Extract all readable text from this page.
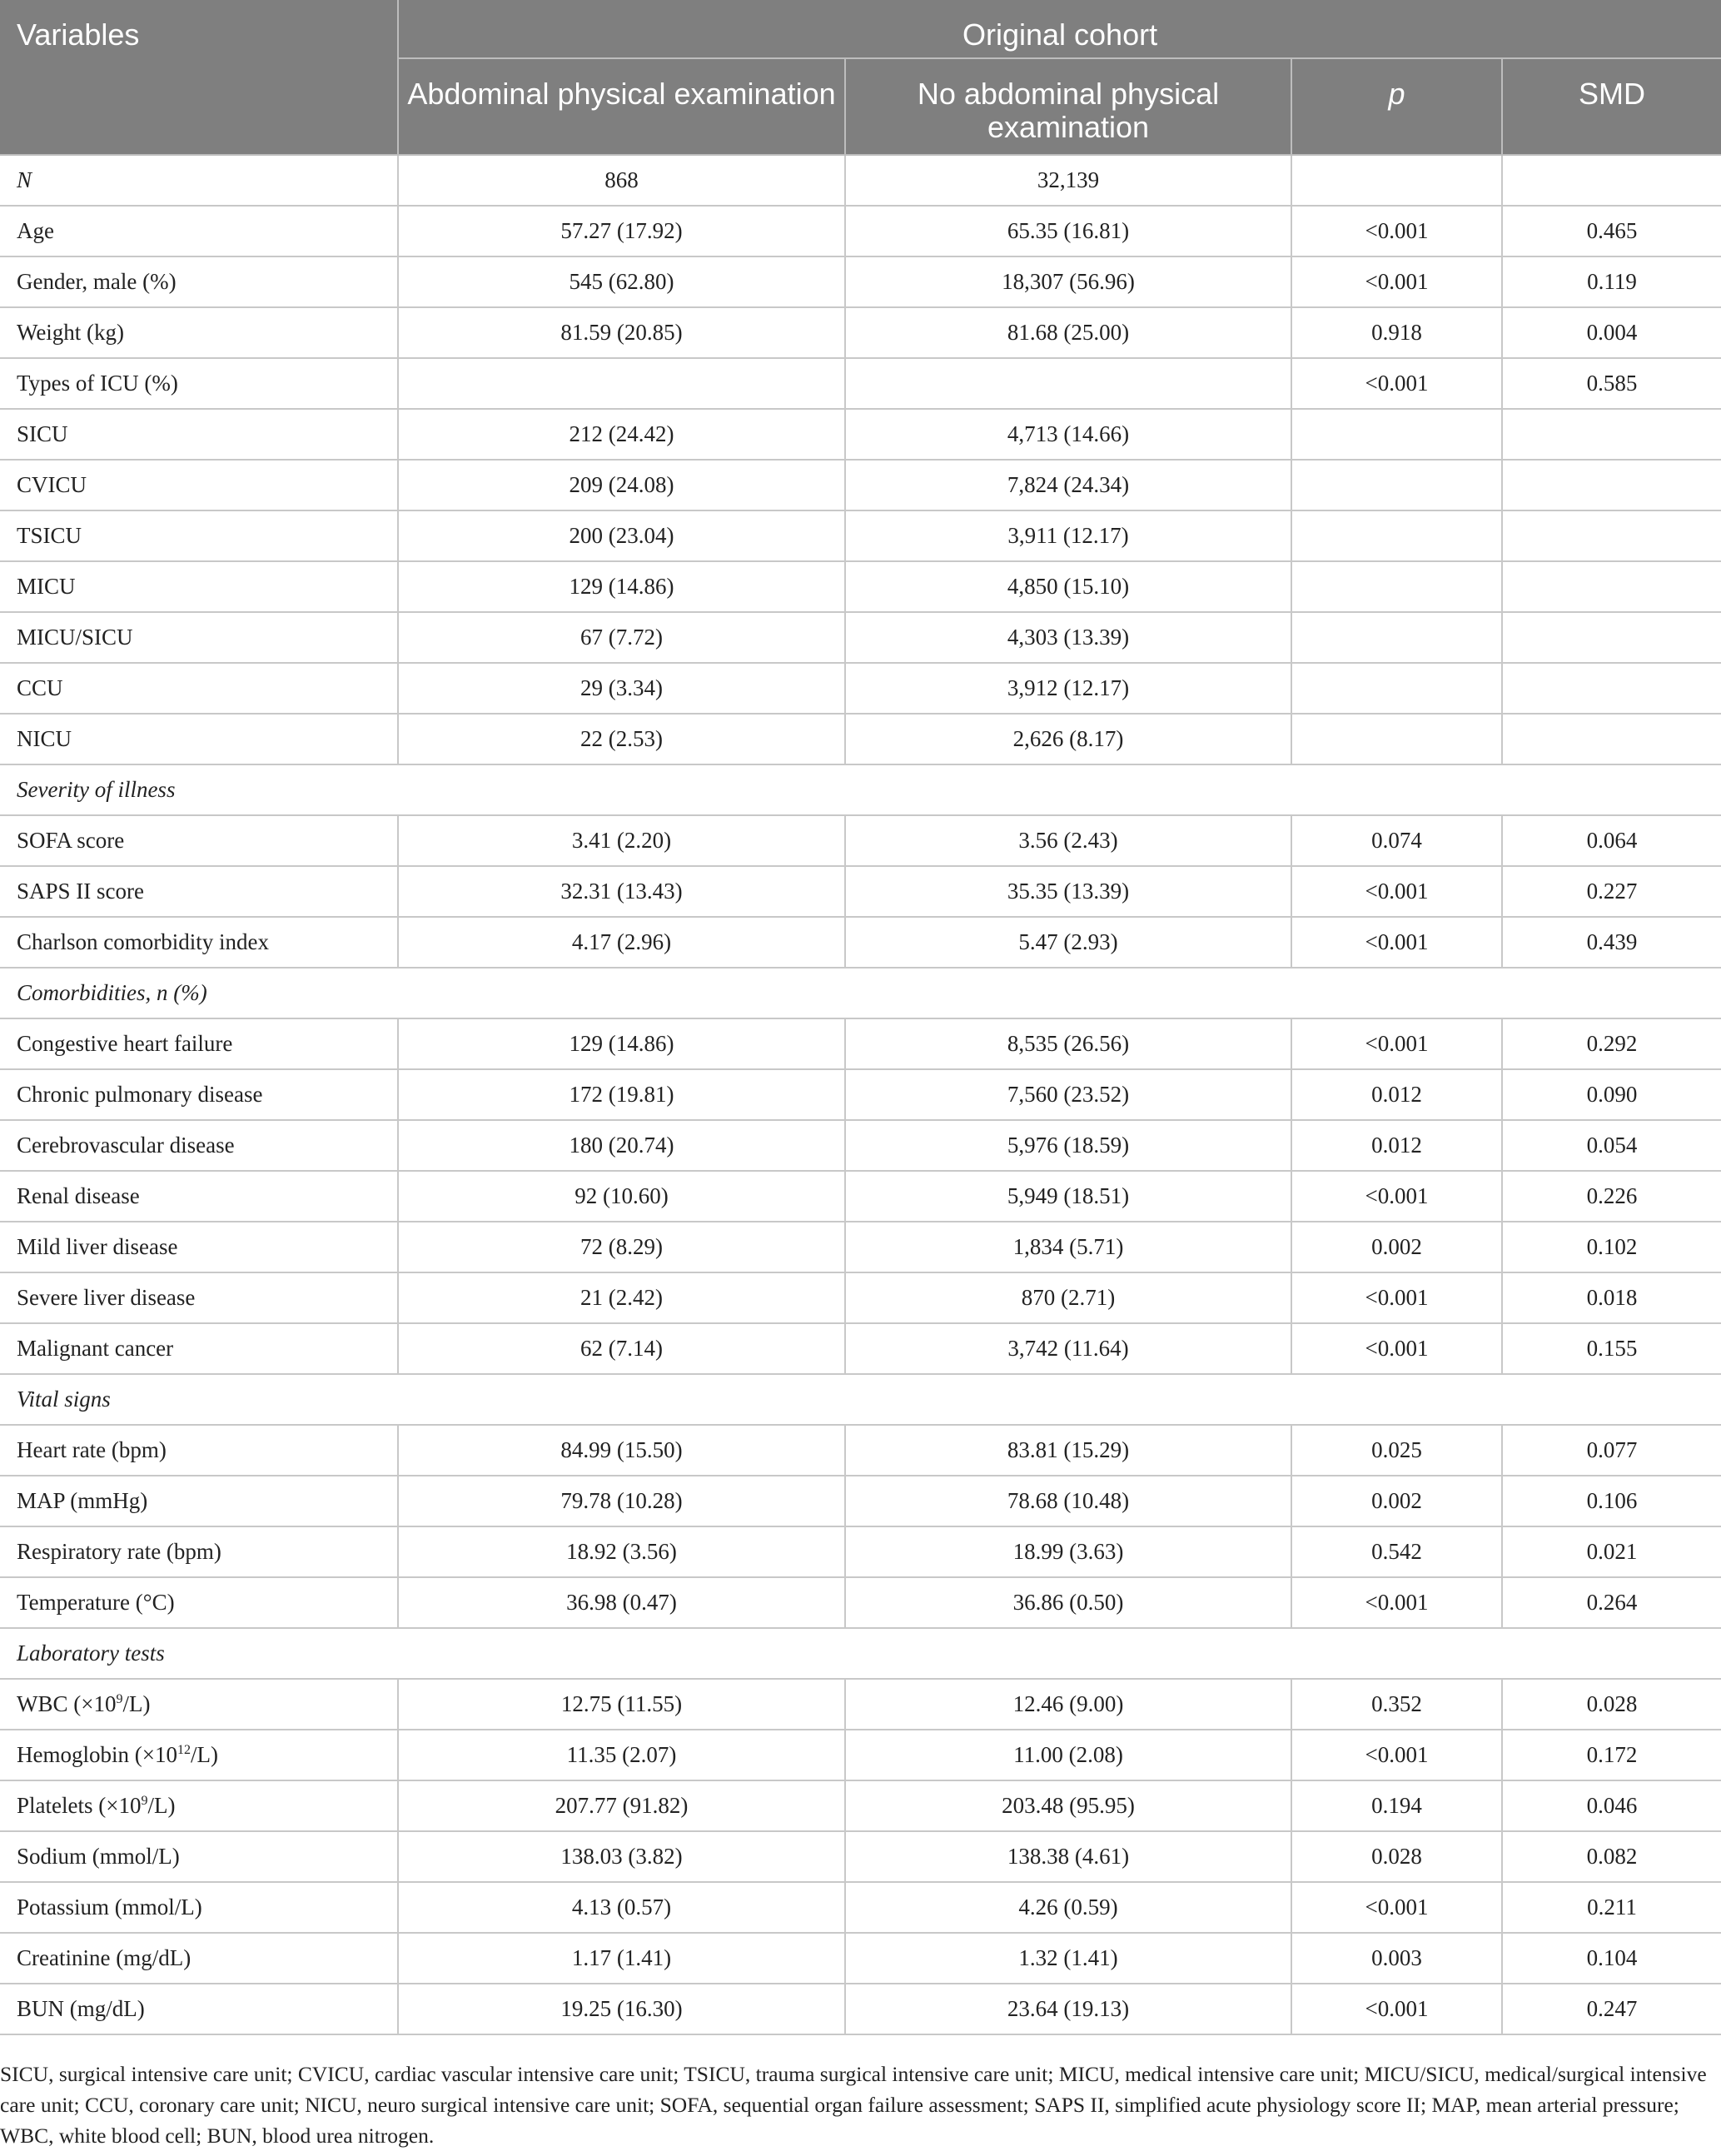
Variables	Original cohort			
	Abdominal physical examination	No abdominal physical examination	p	SMD
N	868	32,139		
Age	57.27 (17.92)	65.35 (16.81)	<0.001	0.465
Gender, male (%)	545 (62.80)	18,307 (56.96)	<0.001	0.119
Weight (kg)	81.59 (20.85)	81.68 (25.00)	0.918	0.004
Types of ICU (%)			<0.001	0.585
SICU	212 (24.42)	4,713 (14.66)		
CVICU	209 (24.08)	7,824 (24.34)		
TSICU	200 (23.04)	3,911 (12.17)		
MICU	129 (14.86)	4,850 (15.10)		
MICU/SICU	67 (7.72)	4,303 (13.39)		
CCU	29 (3.34)	3,912 (12.17)		
NICU	22 (2.53)	2,626 (8.17)		
Severity of illness				
SOFA score	3.41 (2.20)	3.56 (2.43)	0.074	0.064
SAPS II score	32.31 (13.43)	35.35 (13.39)	<0.001	0.227
Charlson comorbidity index	4.17 (2.96)	5.47 (2.93)	<0.001	0.439
Comorbidities, n (%)				
Congestive heart failure	129 (14.86)	8,535 (26.56)	<0.001	0.292
Chronic pulmonary disease	172 (19.81)	7,560 (23.52)	0.012	0.090
Cerebrovascular disease	180 (20.74)	5,976 (18.59)	0.012	0.054
Renal disease	92 (10.60)	5,949 (18.51)	<0.001	0.226
Mild liver disease	72 (8.29)	1,834 (5.71)	0.002	0.102
Severe liver disease	21 (2.42)	870 (2.71)	<0.001	0.018
Malignant cancer	62 (7.14)	3,742 (11.64)	<0.001	0.155
Vital signs				
Heart rate (bpm)	84.99 (15.50)	83.81 (15.29)	0.025	0.077
MAP (mmHg)	79.78 (10.28)	78.68 (10.48)	0.002	0.106
Respiratory rate (bpm)	18.92 (3.56)	18.99 (3.63)	0.542	0.021
Temperature (°C)	36.98 (0.47)	36.86 (0.50)	<0.001	0.264
Laboratory tests				
WBC $(\times 10^9/L)$	12.75 (11.55)	12.46 (9.00)	0.352	0.028
Hemoglobin $(\times 10^{12}/L)$	11.35 (2.07)	11.00 (2.08)	<0.001	0.172
Platelets $(\times 10^9/L)$	207.77 (91.82)	203.48 (95.95)	0.194	0.046
Sodium (mmol/L)	138.03 (3.82)	138.38 (4.61)	0.028	0.082
Potassium (mmol/L)	4.13 (0.57)	4.26 (0.59)	<0.001	0.211
Creatinine (mg/dL)	1.17 (1.41)	1.32 (1.41)	0.003	0.104
BUN (mg/dL)	19.25 (16.30)	23.64 (19.13)	<0.001	0.247
SICU, surgical intensive care unit; CVICU, cardiac vascular intensive care unit; TSICU, trauma surgical intensive care unit; MICU, medical intensive care unit; MICU/SICU, medical/surgical intensive care unit; CCU, coronary care unit; NICU, neuro surgical intensive care unit; SOFA, sequential organ failure assessment; SAPS II, simplified acute physiology score II; MAP, mean arterial pressure; WBC, white blood cell; BUN, blood urea nitrogen.
